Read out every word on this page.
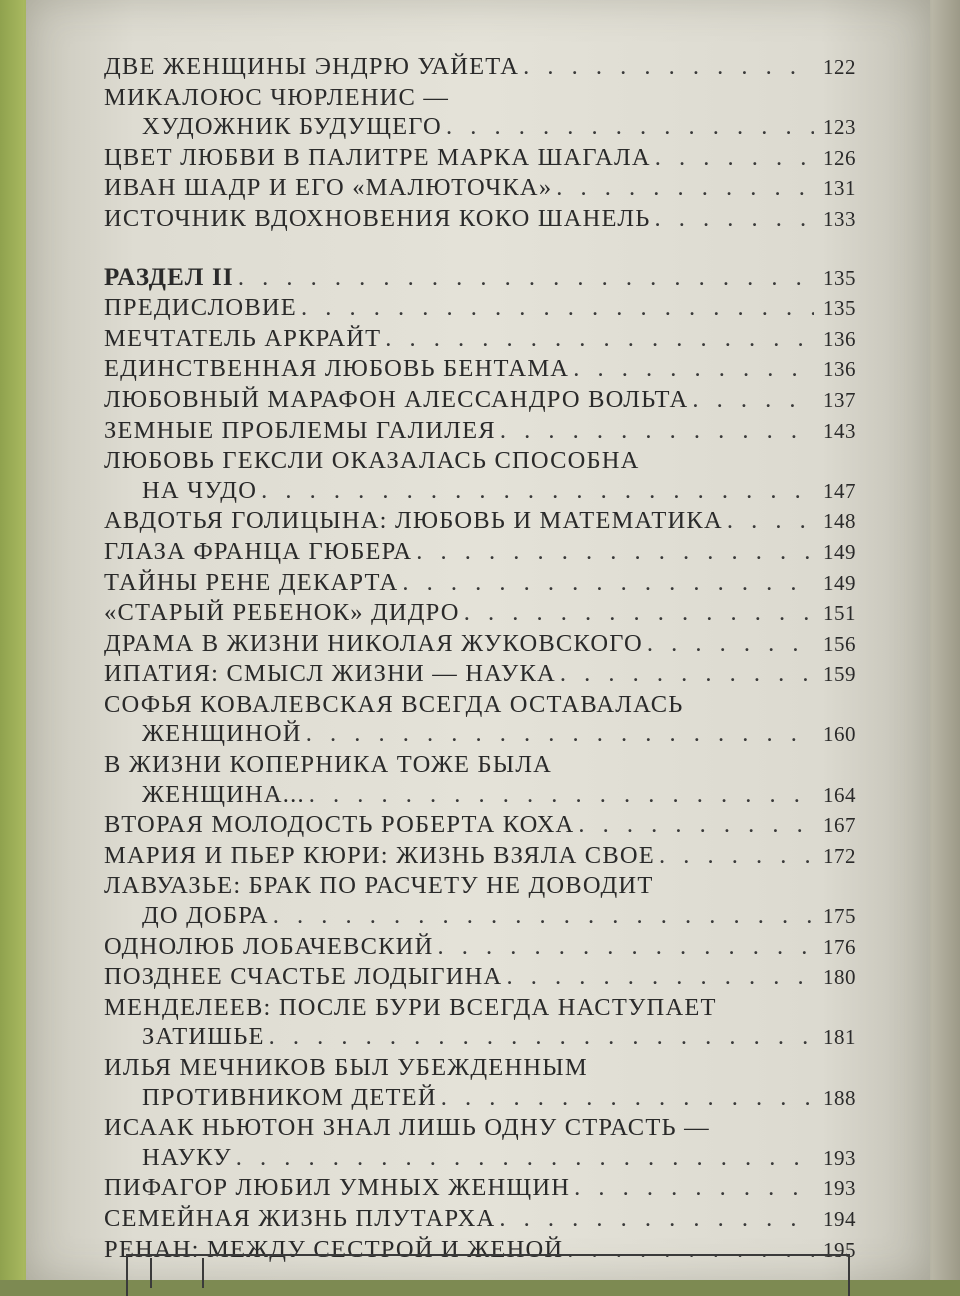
ДВЕ ЖЕНЩИНЫ ЭНДРЮ УАЙЕТА . . .	122
МИКАЛОЮС ЧЮРЛЕНИС —
ХУДОЖНИК БУДУЩЕГО . . .	123
ЦВЕТ ЛЮБВИ В ПАЛИТРЕ МАРКА ШАГАЛА . . .	126
ИВАН ШАДР И ЕГО «МАЛЮТОЧКА» . . .	131
ИСТОЧНИК ВДОХНОВЕНИЯ КОКО ШАНЕЛЬ . . .	133
РАЗДЕЛ II . . .	135
ПРЕДИСЛОВИЕ . . .	135
МЕЧТАТЕЛЬ АРКРАЙТ . . .	136
ЕДИНСТВЕННАЯ ЛЮБОВЬ БЕНТАМА . . .	136
ЛЮБОВНЫЙ МАРАФОН АЛЕССАНДРО ВОЛЬТА . . .	137
ЗЕМНЫЕ ПРОБЛЕМЫ ГАЛИЛЕЯ . . .	143
ЛЮБОВЬ ГЕКСЛИ ОКАЗАЛАСЬ СПОСОБНА
НА ЧУДО . . .	147
АВДОТЬЯ ГОЛИЦЫНА: ЛЮБОВЬ И МАТЕМАТИКА . . .	148
ГЛАЗА ФРАНЦА ГЮБЕРА . . .	149
ТАЙНЫ РЕНЕ ДЕКАРТА . . .	149
«СТАРЫЙ РЕБЕНОК» ДИДРО . . .	151
ДРАМА В ЖИЗНИ НИКОЛАЯ ЖУКОВСКОГО . . .	156
ИПАТИЯ: СМЫСЛ ЖИЗНИ — НАУКА . . .	159
СОФЬЯ КОВАЛЕВСКАЯ ВСЕГДА ОСТАВАЛАСЬ
ЖЕНЩИНОЙ . . .	160
В ЖИЗНИ КОПЕРНИКА ТОЖЕ БЫЛА
ЖЕНЩИНА... . . .	164
ВТОРАЯ МОЛОДОСТЬ РОБЕРТА КОХА . . .	167
МАРИЯ И ПЬЕР КЮРИ: ЖИЗНЬ ВЗЯЛА СВОЕ . . .	172
ЛАВУАЗЬЕ: БРАК ПО РАСЧЕТУ НЕ ДОВОДИТ
ДО ДОБРА . . .	175
ОДНОЛЮБ ЛОБАЧЕВСКИЙ . . .	176
ПОЗДНЕЕ СЧАСТЬЕ ЛОДЫГИНА . . .	180
МЕНДЕЛЕЕВ: ПОСЛЕ БУРИ ВСЕГДА НАСТУПАЕТ
ЗАТИШЬЕ . . .	181
ИЛЬЯ МЕЧНИКОВ БЫЛ УБЕЖДЕННЫМ
ПРОТИВНИКОМ ДЕТЕЙ . . .	188
ИСААК НЬЮТОН ЗНАЛ ЛИШЬ ОДНУ СТРАСТЬ —
НАУКУ . . .	193
ПИФАГОР ЛЮБИЛ УМНЫХ ЖЕНЩИН . . .	193
СЕМЕЙНАЯ ЖИЗНЬ ПЛУТАРХА . . .	194
РЕНАН: МЕЖДУ СЕСТРОЙ И ЖЕНОЙ . . .	195
